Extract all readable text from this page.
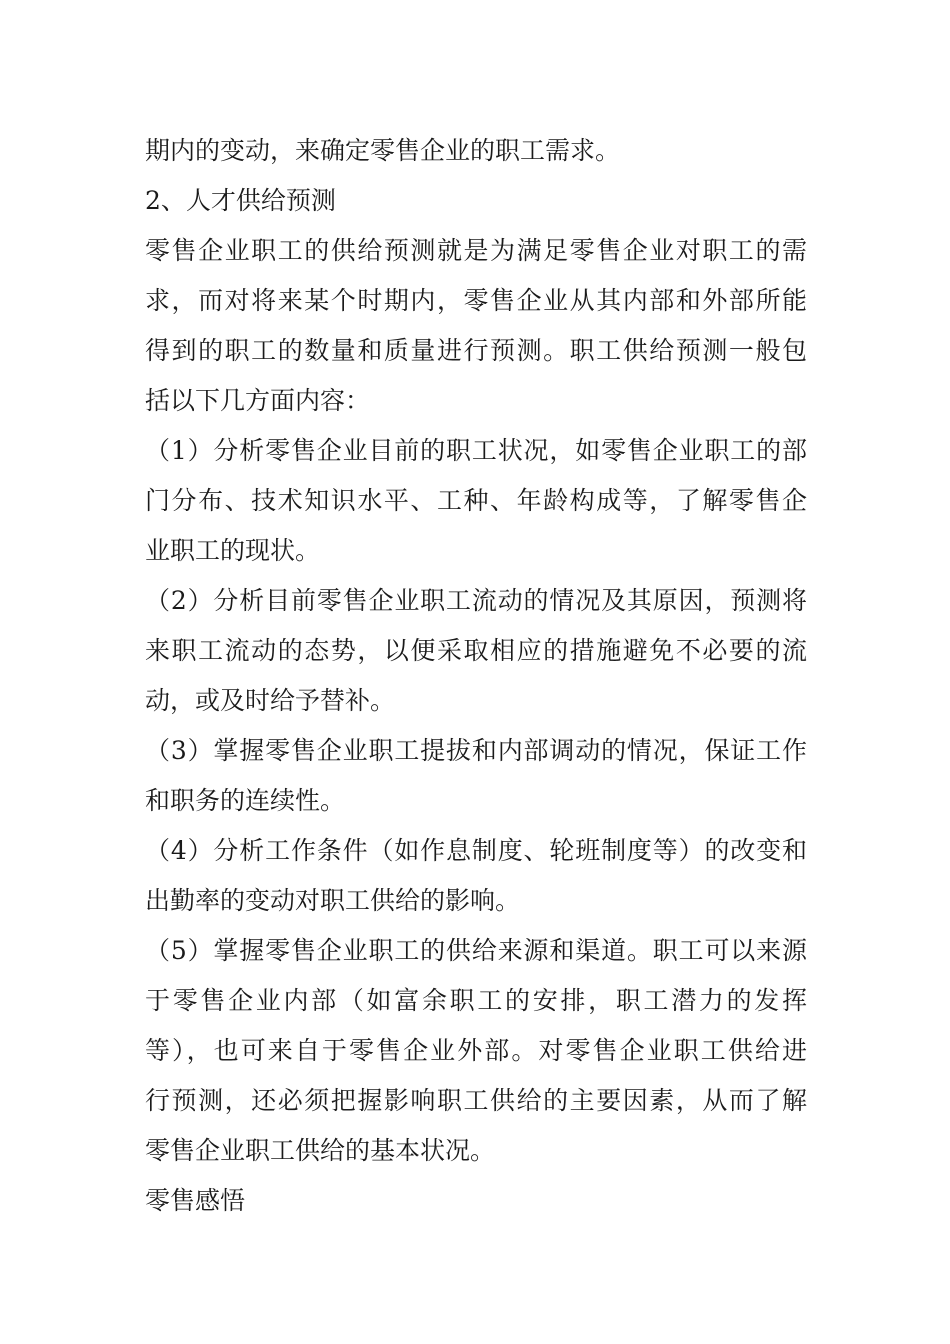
期内的变动，来确定零售企业的职工需求。
2、人才供给预测
零售企业职工的供给预测就是为满足零售企业对职工的需
求，而对将来某个时期内，零售企业从其内部和外部所能
得到的职工的数量和质量进行预测。职工供给预测一般包
括以下几方面内容：
（1）分析零售企业目前的职工状况，如零售企业职工的部
门分布、技术知识水平、工种、年龄构成等，了解零售企
业职工的现状。
（2）分析目前零售企业职工流动的情况及其原因，预测将
来职工流动的态势，以便采取相应的措施避免不必要的流
动，或及时给予替补。
（3）掌握零售企业职工提拔和内部调动的情况，保证工作
和职务的连续性。
（4）分析工作条件（如作息制度、轮班制度等）的改变和
出勤率的变动对职工供给的影响。
（5）掌握零售企业职工的供给来源和渠道。职工可以来源
于零售企业内部（如富余职工的安排，职工潜力的发挥
等），也可来自于零售企业外部。对零售企业职工供给进
行预测，还必须把握影响职工供给的主要因素，从而了解
零售企业职工供给的基本状况。
零售感悟
